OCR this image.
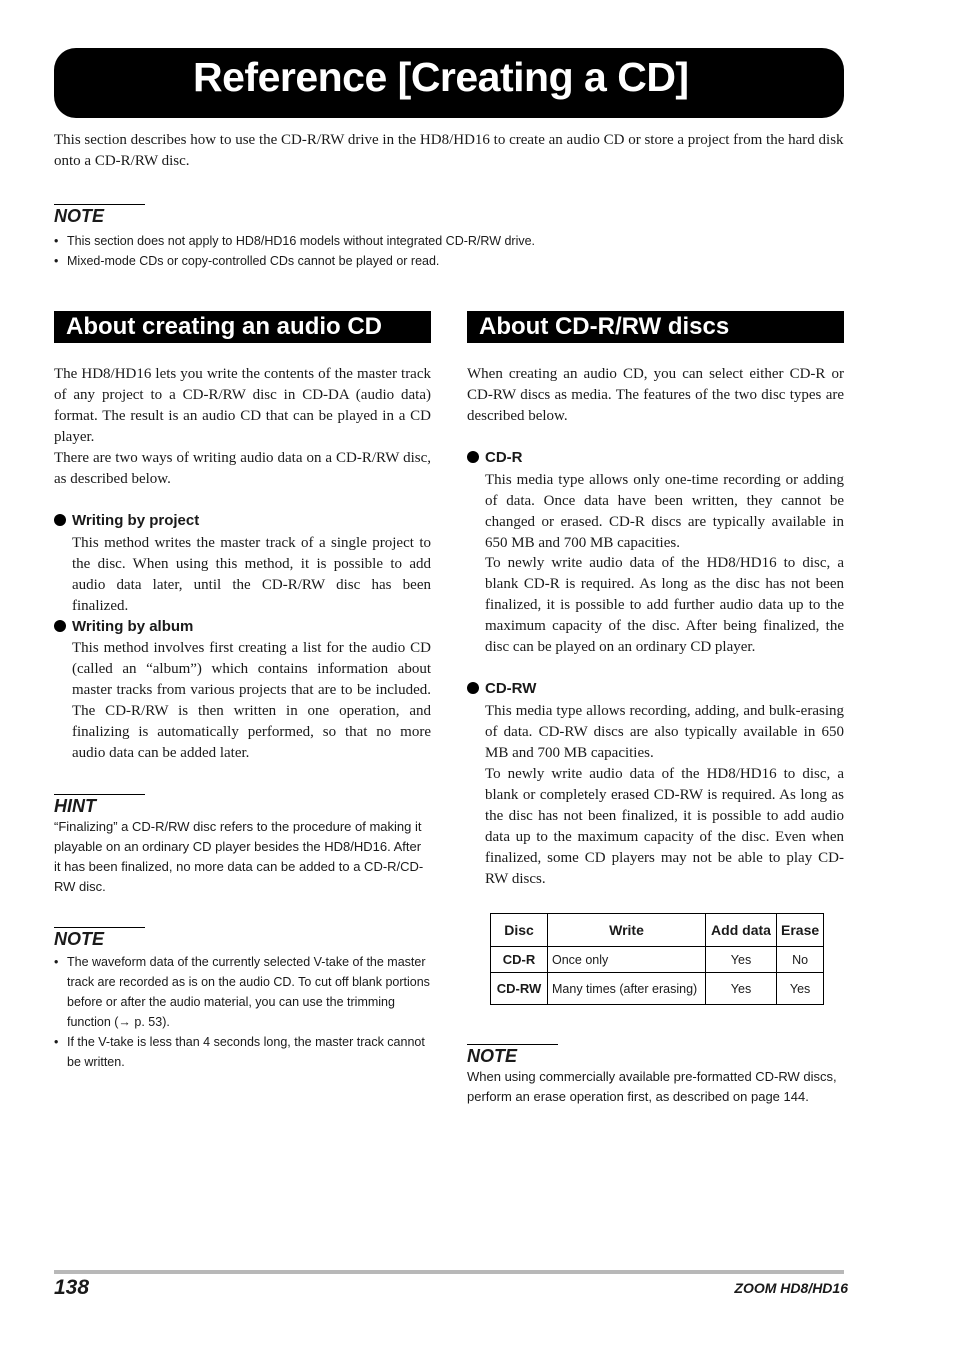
Reference [Creating a CD]
This section describes how to use the CD-R/RW drive in the HD8/HD16 to create an audio CD or store a project from the hard disk onto a CD-R/RW disc.
NOTE
• This section does not apply to HD8/HD16 models without integrated CD-R/RW drive.
• Mixed-mode CDs or copy-controlled CDs cannot be played or read.
About creating an audio CD
The HD8/HD16 lets you write the contents of the master track of any project to a CD-R/RW disc in CD-DA (audio data) format. The result is an audio CD that can be played in a CD player.
There are two ways of writing audio data on a CD-R/RW disc, as described below.
Writing by project
This method writes the master track of a single project to the disc. When using this method, it is possible to add audio data later, until the CD-R/RW disc has been finalized.
Writing by album
This method involves first creating a list for the audio CD (called an “album”) which contains information about master tracks from various projects that are to be included. The CD-R/RW is then written in one operation, and finalizing is automatically performed, so that no more audio data can be added later.
HINT
“Finalizing” a CD-R/RW disc refers to the procedure of making it playable on an ordinary CD player besides the HD8/HD16. After it has been finalized, no more data can be added to a CD-R/CD-RW disc.
NOTE
• The waveform data of the currently selected V-take of the master track are recorded as is on the audio CD. To cut off blank portions before or after the audio material, you can use the trimming function (→ p. 53).
• If the V-take is less than 4 seconds long, the master track cannot be written.
About CD-R/RW discs
When creating an audio CD, you can select either CD-R or CD-RW discs as media. The features of the two disc types are described below.
CD-R
This media type allows only one-time recording or adding of data. Once data have been written, they cannot be changed or erased. CD-R discs are typically available in 650 MB and 700 MB capacities.
To newly write audio data of the HD8/HD16 to disc, a blank CD-R is required. As long as the disc has not been finalized, it is possible to add further audio data up to the maximum capacity of the disc. After being finalized, the disc can be played on an ordinary CD player.
CD-RW
This media type allows recording, adding, and bulk-erasing of data. CD-RW discs are also typically available in 650 MB and 700 MB capacities.
To newly write audio data of the HD8/HD16 to disc, a blank or completely erased CD-RW is required. As long as the disc has not been finalized, it is possible to add audio data up to the maximum capacity of the disc. Even when finalized, some CD players may not be able to play CD-RW discs.
Disc	Write	Add data	Erase
CD-R	Once only	Yes	No
CD-RW	Many times (after erasing)	Yes	Yes
NOTE
When using commercially available pre-formatted CD-RW discs, perform an erase operation first, as described on page 144.
138	ZOOM HD8/HD16
